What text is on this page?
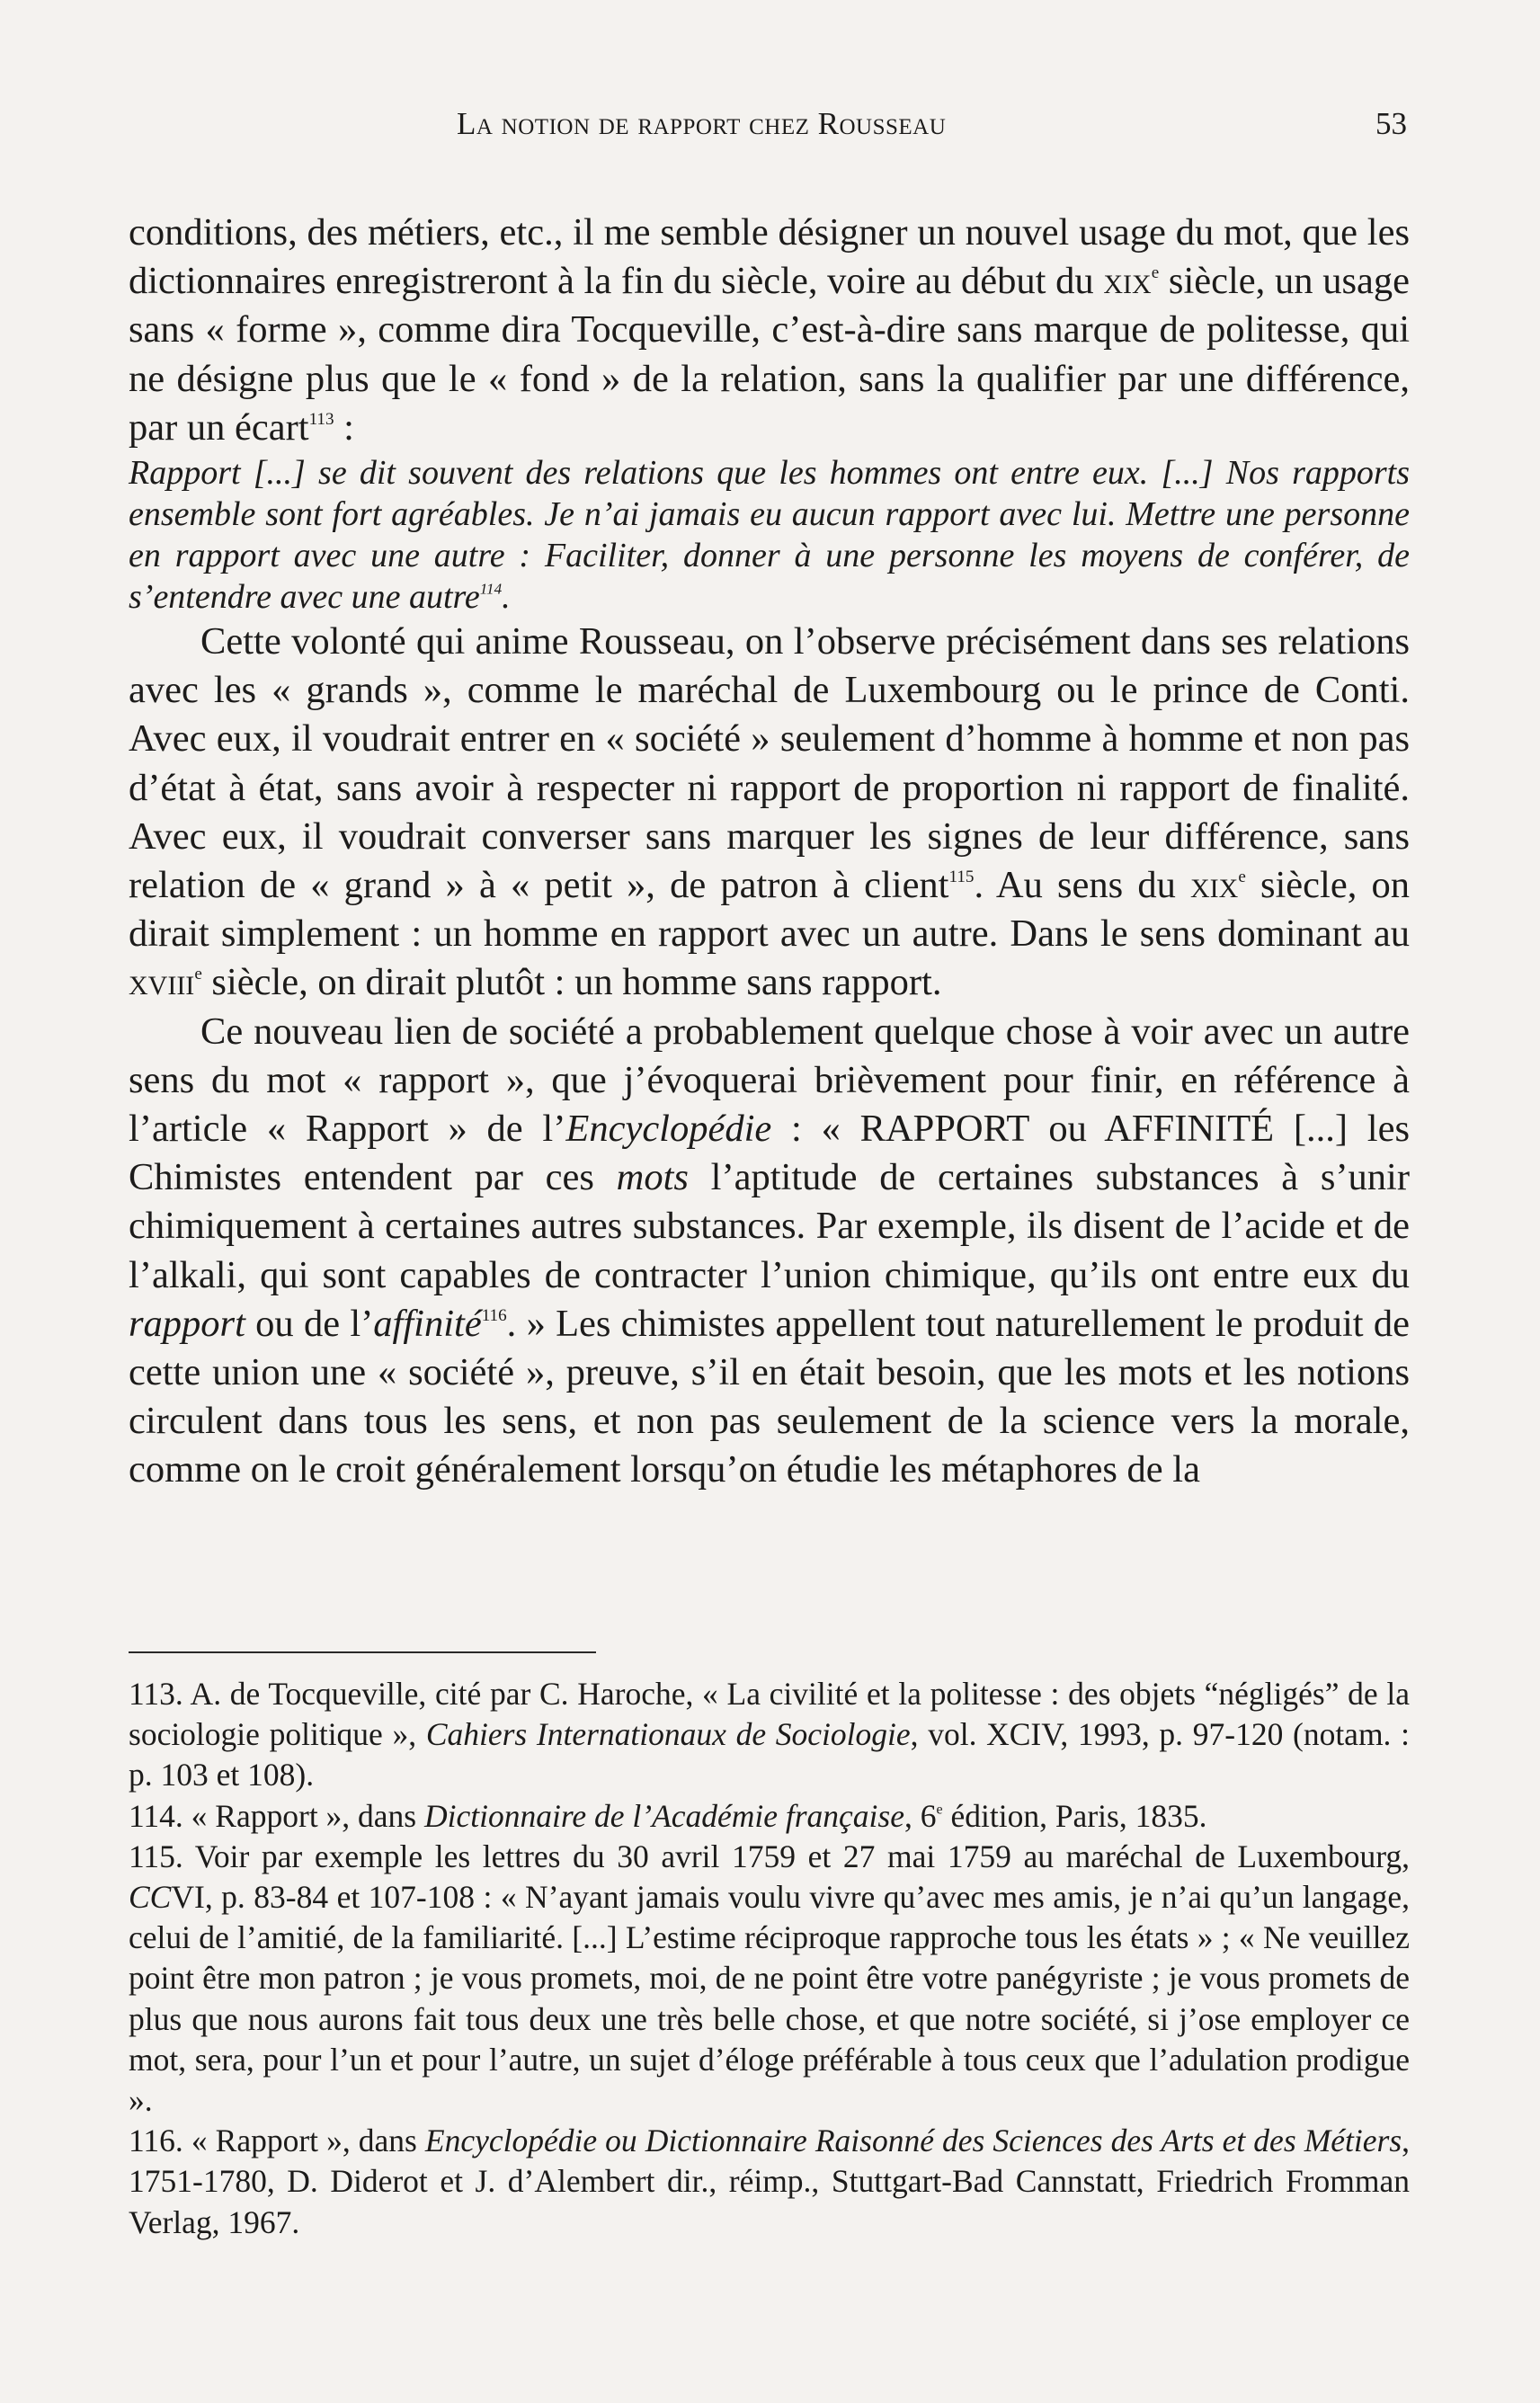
La notion de rapport chez Rousseau	53

conditions, des métiers, etc., il me semble désigner un nouvel usage du mot, que les dictionnaires enregistreront à la fin du siècle, voire au début du xix$^e$ siècle, un usage sans « forme », comme dira Tocqueville, c’est-à-dire sans marque de politesse, qui ne désigne plus que le « fond » de la relation, sans la qualifier par une différence, par un écart$^{113}$ :

Rapport [...] se dit souvent des relations que les hommes ont entre eux. [...] Nos rapports ensemble sont fort agréables. Je n’ai jamais eu aucun rapport avec lui. Mettre une personne en rapport avec une autre : Faciliter, donner à une personne les moyens de conférer, de s’entendre avec une autre$^{114}$.

Cette volonté qui anime Rousseau, on l’observe précisément dans ses relations avec les « grands », comme le maréchal de Luxembourg ou le prince de Conti. Avec eux, il voudrait entrer en « société » seulement d’homme à homme et non pas d’état à état, sans avoir à respecter ni rapport de proportion ni rapport de finalité. Avec eux, il voudrait converser sans marquer les signes de leur différence, sans relation de « grand » à « petit », de patron à client$^{115}$. Au sens du xix$^e$ siècle, on dirait simplement : un homme en rapport avec un autre. Dans le sens dominant au xviii$^e$ siècle, on dirait plutôt : un homme sans rapport.

Ce nouveau lien de société a probablement quelque chose à voir avec un autre sens du mot « rapport », que j’évoquerai brièvement pour finir, en référence à l’article « Rapport » de l’Encyclopédie : « RAPPORT ou AFFINITÉ [...] les Chimistes entendent par ces mots l’aptitude de certaines substances à s’unir chimiquement à certaines autres substances. Par exemple, ils disent de l’acide et de l’alkali, qui sont capables de contracter l’union chimique, qu’ils ont entre eux du rapport ou de l’affinité$^{116}$. » Les chimistes appellent tout naturellement le produit de cette union une « société », preuve, s’il en était besoin, que les mots et les notions circulent dans tous les sens, et non pas seulement de la science vers la morale, comme on le croit généralement lorsqu’on étudie les métaphores de la

113. A. de Tocqueville, cité par C. Haroche, « La civilité et la politesse : des objets “négligés” de la sociologie politique », Cahiers Internationaux de Sociologie, vol. XCIV, 1993, p. 97-120 (notam. : p. 103 et 108).

114. « Rapport », dans Dictionnaire de l’Académie française, 6e édition, Paris, 1835.

115. Voir par exemple les lettres du 30 avril 1759 et 27 mai 1759 au maréchal de Luxembourg, CCVI, p. 83-84 et 107-108 : « N’ayant jamais voulu vivre qu’avec mes amis, je n’ai qu’un langage, celui de l’amitié, de la familiarité. [...] L’estime réciproque rapproche tous les états » ; « Ne veuillez point être mon patron ; je vous promets, moi, de ne point être votre panégyriste ; je vous promets de plus que nous aurons fait tous deux une très belle chose, et que notre société, si j’ose employer ce mot, sera, pour l’un et pour l’autre, un sujet d’éloge préférable à tous ceux que l’adulation prodigue ».

116. « Rapport », dans Encyclopédie ou Dictionnaire Raisonné des Sciences des Arts et des Métiers, 1751-1780, D. Diderot et J. d’Alembert dir., réimp., Stuttgart-Bad Cannstatt, Friedrich Fromman Verlag, 1967.
